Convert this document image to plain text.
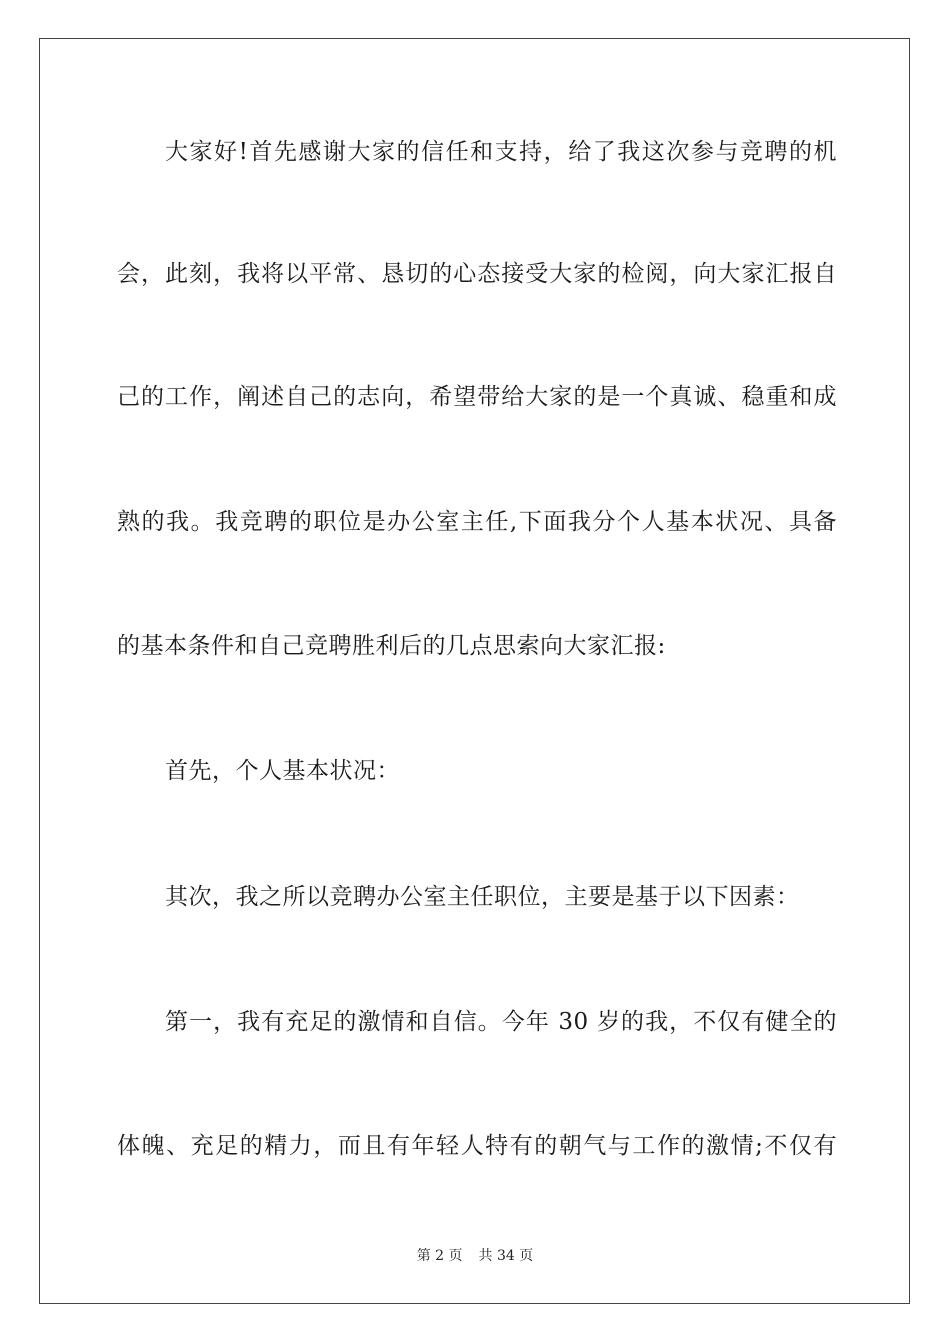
大家好!首先感谢大家的信任和支持，给了我这次参与竞聘的机
会，此刻，我将以平常、恳切的心态接受大家的检阅，向大家汇报自
己的工作，阐述自己的志向，希望带给大家的是一个真诚、稳重和成
熟的我。我竞聘的职位是办公室主任,下面我分个人基本状况、具备
的基本条件和自己竞聘胜利后的几点思索向大家汇报:
首先，个人基本状况：
其次，我之所以竞聘办公室主任职位，主要是基于以下因素：
第一，我有充足的激情和自信。今年 30 岁的我，不仅有健全的
体魄、充足的精力，而且有年轻人特有的朝气与工作的激情;不仅有
第 2 页 共 34 页
